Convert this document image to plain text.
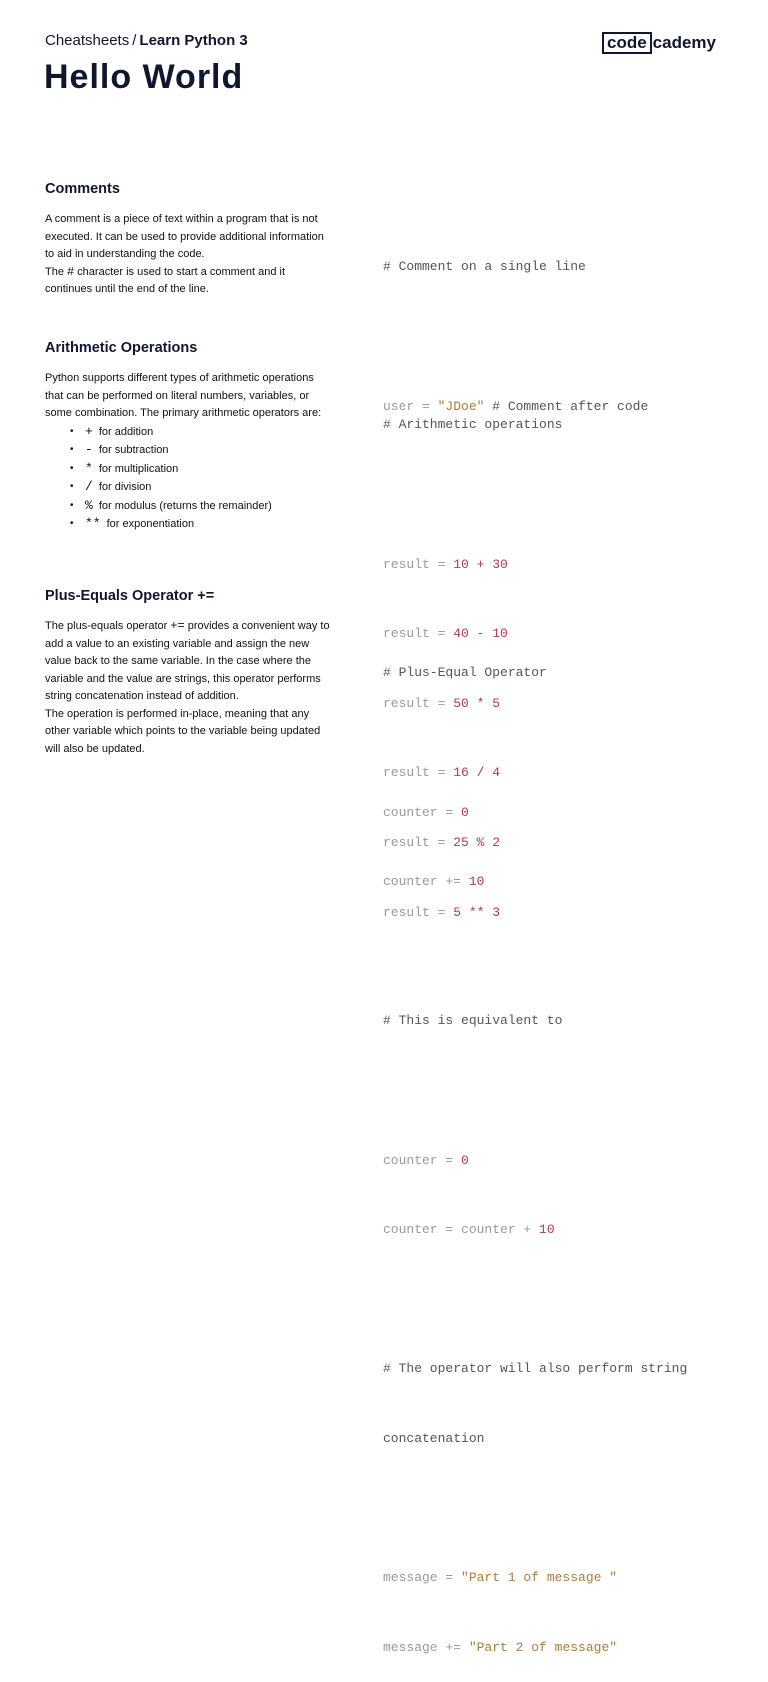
Cheatsheets / Learn Python 3	code cademy
Hello World
Comments

A comment is a piece of text within a program that is not executed. It can be used to provide additional information to aid in understanding the code.
The # character is used to start a comment and it continues until the end of the line.

# Comment on a single line

user = "JDoe" # Comment after code

Arithmetic Operations

Python supports different types of arithmetic operations that can be performed on literal numbers, variables, or some combination. The primary arithmetic operators are:

• + for addition
• - for subtraction
• * for multiplication
• / for division
• % for modulus (returns the remainder)
• ** for exponentiation

# Arithmetic operations

result = 10 + 30

result = 40 - 10

result = 50 * 5

result = 16 / 4

result = 25 % 2

result = 5 ** 3

Plus-Equals Operator +=

The plus-equals operator += provides a convenient way to add a value to an existing variable and assign the new value back to the same variable. In the case where the variable and the value are strings, this operator performs string concatenation instead of addition.
The operation is performed in-place, meaning that any other variable which points to the variable being updated will also be updated.

# Plus-Equal Operator

counter = 0

counter += 10

# This is equivalent to

counter = 0

counter = counter + 10

# The operator will also perform string

concatenation

message = "Part 1 of message "

message += "Part 2 of message"
